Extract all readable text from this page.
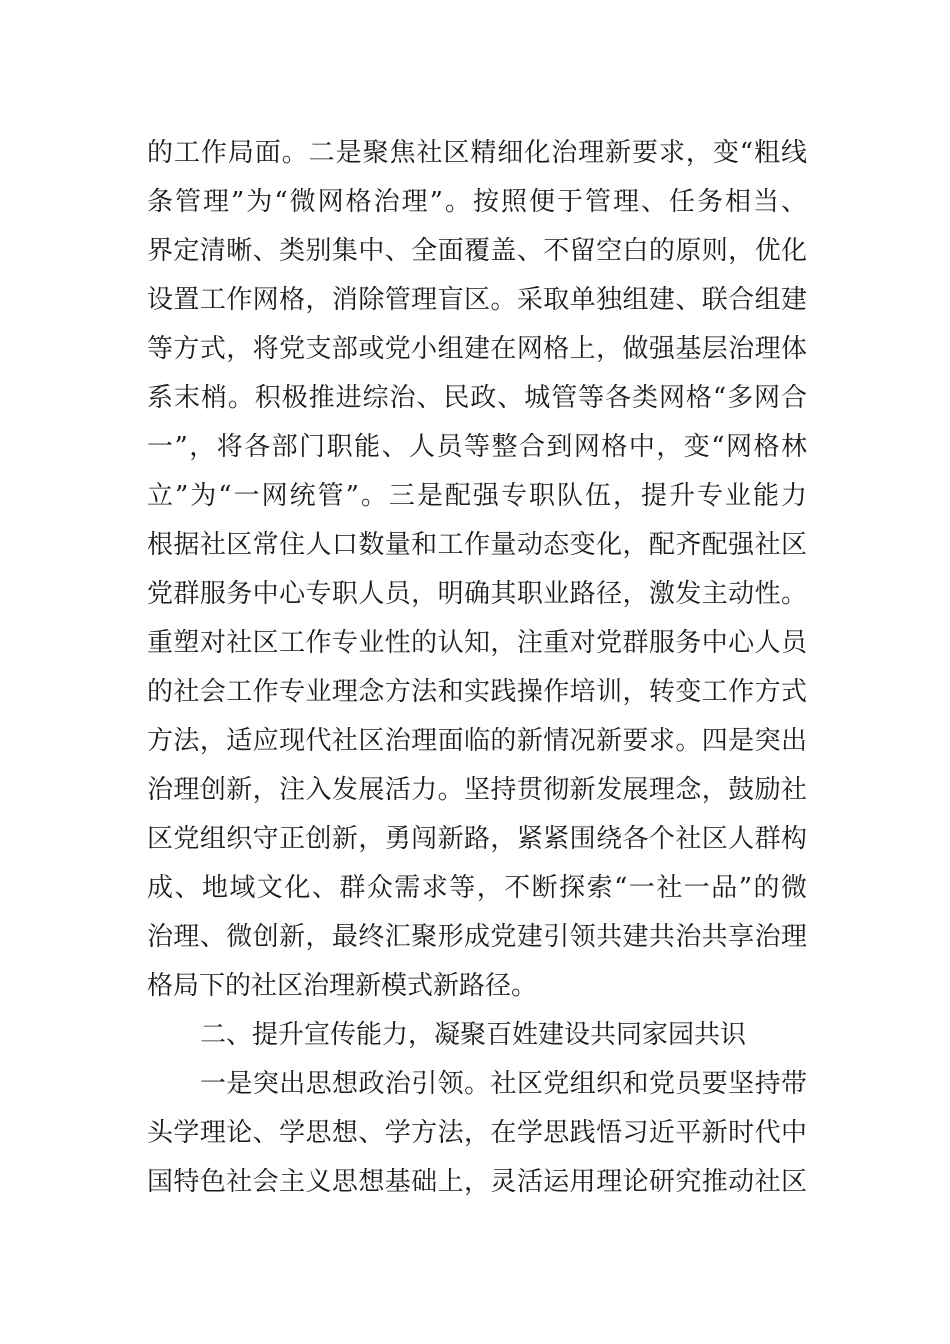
的工作局面。二是聚焦社区精细化治理新要求，变“粗线
条管理”为“微网格治理”。按照便于管理、任务相当、
界定清晰、类别集中、全面覆盖、不留空白的原则，优化
设置工作网格，消除管理盲区。采取单独组建、联合组建
等方式，将党支部或党小组建在网格上，做强基层治理体
系末梢。积极推进综治、民政、城管等各类网格“多网合
一”，将各部门职能、人员等整合到网格中，变“网格林
立”为“一网统管”。三是配强专职队伍，提升专业能力
根据社区常住人口数量和工作量动态变化，配齐配强社区
党群服务中心专职人员，明确其职业路径，激发主动性。
重塑对社区工作专业性的认知，注重对党群服务中心人员
的社会工作专业理念方法和实践操作培训，转变工作方式
方法，适应现代社区治理面临的新情况新要求。四是突出
治理创新，注入发展活力。坚持贯彻新发展理念，鼓励社
区党组织守正创新，勇闯新路，紧紧围绕各个社区人群构
成、地域文化、群众需求等，不断探索“一社一品”的微
治理、微创新，最终汇聚形成党建引领共建共治共享治理
格局下的社区治理新模式新路径。
二、提升宣传能力，凝聚百姓建设共同家园共识
一是突出思想政治引领。社区党组织和党员要坚持带
头学理论、学思想、学方法，在学思践悟习近平新时代中
国特色社会主义思想基础上，灵活运用理论研究推动社区
